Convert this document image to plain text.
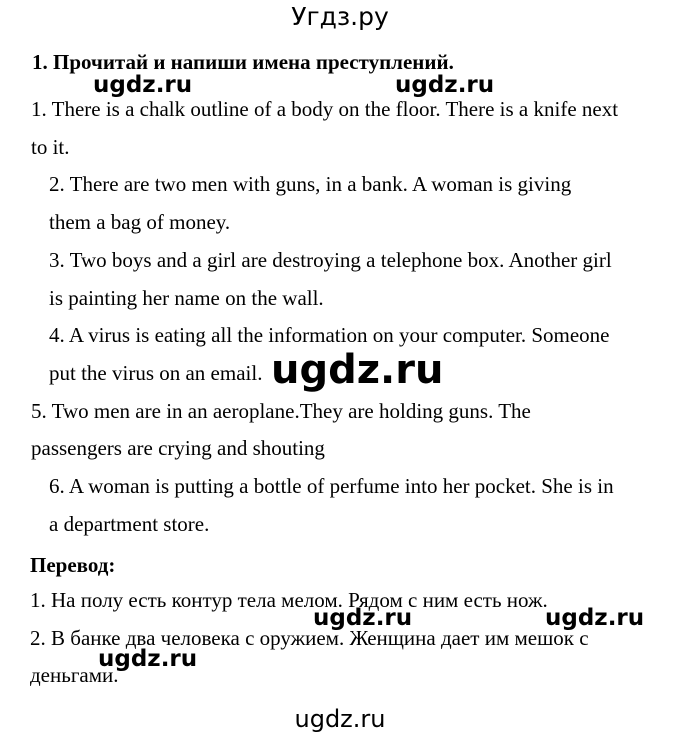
Угдз.ру
1. Прочитай и напиши имена преступлений.
1. There is a chalk outline of a body on the floor. There is a knife next
to it.
2. There are two men with guns, in a bank. A woman is giving
them a bag of money.
3. Two boys and a girl are destroying a telephone box. Another girl
is painting her name on the wall.
4. A virus is eating all the information on your computer. Someone
put the virus on an email.
5. Two men are in an aeroplane.They are holding guns. The
passengers are crying and shouting
6. A woman is putting a bottle of perfume into her pocket. She is in
a department store.
Перевод:
1. На полу есть контур тела мелом. Рядом с ним есть нож.
2. В банке два человека с оружием. Женщина дает им мешок с
деньгами.
ugdz.ru	ugdz.ru
ugdz.ru
ugdz.ru	ugdz.ru
ugdz.ru
ugdz.ru
